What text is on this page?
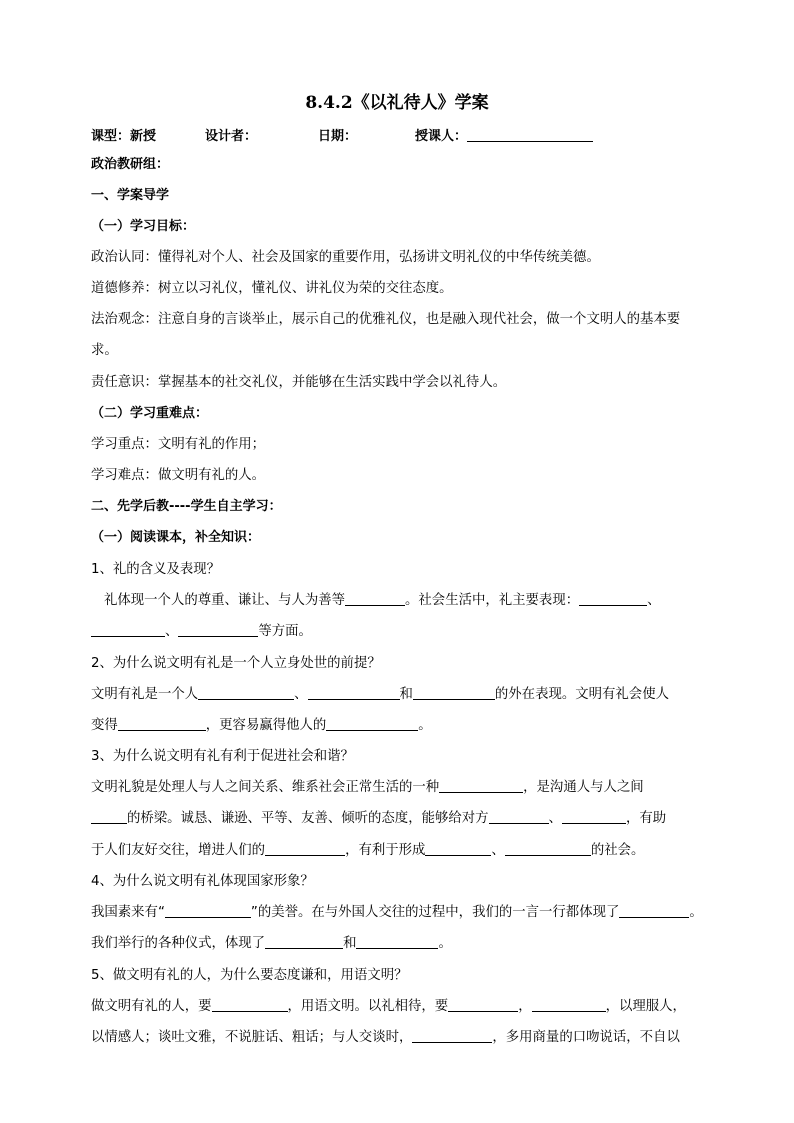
8.4.2《以礼待人》学案
课型：新授	设计者：	日期：	授课人：
政治教研组：
一、学案导学
（一）学习目标：
政治认同：懂得礼对个人、社会及国家的重要作用，弘扬讲文明礼仪的中华传统美德。
道德修养：树立以习礼仪，懂礼仪、讲礼仪为荣的交往态度。
法治观念：注意自身的言谈举止，展示自己的优雅礼仪，也是融入现代社会，做一个文明人的基本要
求。
责任意识：掌握基本的社交礼仪，并能够在生活实践中学会以礼待人。
（二）学习重难点：
学习重点：文明有礼的作用；
学习难点：做文明有礼的人。
二、先学后教----学生自主学习：
（一）阅读课本，补全知识：
1、礼的含义及表现？
礼体现一个人的尊重、谦让、与人为善等	。社会生活中，礼主要表现：	、
、	等方面。
2、为什么说文明有礼是一个人立身处世的前提？
文明有礼是一个人	、	和	的外在表现。文明有礼会使人
变得	，更容易赢得他人的	。
3、为什么说文明有礼有利于促进社会和谐？
文明礼貌是处理人与人之间关系、维系社会正常生活的一种	，是沟通人与人之间
的桥梁。诚恳、谦逊、平等、友善、倾听的态度，能够给对方	、	，有助
于人们友好交往，增进人们的	，有利于形成	、	的社会。
4、为什么说文明有礼体现国家形象？
我国素来有“	”的美誉。在与外国人交往的过程中，我们的一言一行都体现了	。
我们举行的各种仪式，体现了	和	。
5、做文明有礼的人，为什么要态度谦和，用语文明？
做文明有礼的人，要	，用语文明。以礼相待，要	，	，以理服人，
以情感人；谈吐文雅，不说脏话、粗话；与人交谈时，	，多用商量的口吻说话，不自以
